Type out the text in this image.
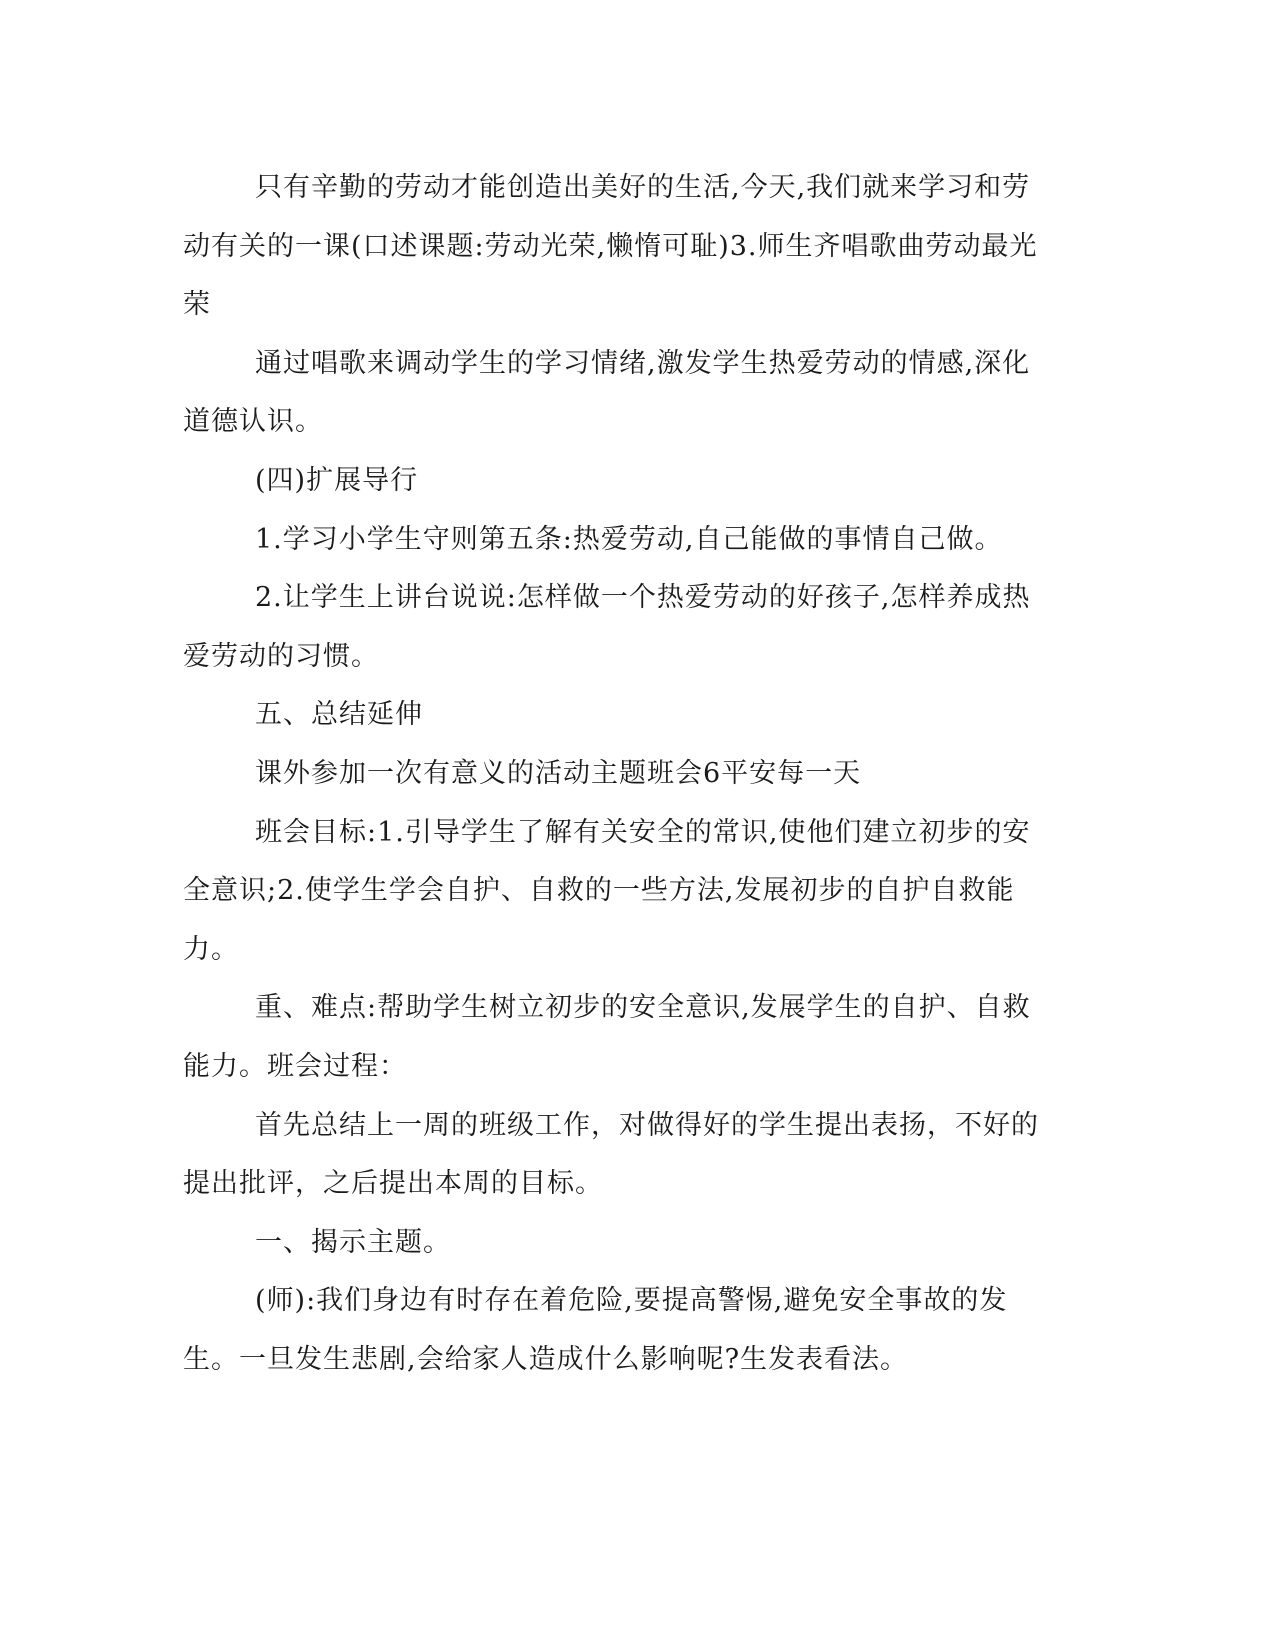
只有辛勤的劳动才能创造出美好的生活,今天,我们就来学习和劳动有关的一课(口述课题:劳动光荣,懒惰可耻)3.师生齐唱歌曲劳动最光荣

通过唱歌来调动学生的学习情绪,激发学生热爱劳动的情感,深化道德认识。

(四)扩展导行

1.学习小学生守则第五条:热爱劳动,自己能做的事情自己做。

2.让学生上讲台说说:怎样做一个热爱劳动的好孩子,怎样养成热爱劳动的习惯。

五、总结延伸

课外参加一次有意义的活动主题班会6平安每一天

班会目标:1.引导学生了解有关安全的常识,使他们建立初步的安全意识;2.使学生学会自护、自救的一些方法,发展初步的自护自救能力。

重、难点:帮助学生树立初步的安全意识,发展学生的自护、自救能力。班会过程：

首先总结上一周的班级工作，对做得好的学生提出表扬，不好的提出批评，之后提出本周的目标。

一、揭示主题。

(师):我们身边有时存在着危险,要提高警惕,避免安全事故的发生。一旦发生悲剧,会给家人造成什么影响呢?生发表看法。
